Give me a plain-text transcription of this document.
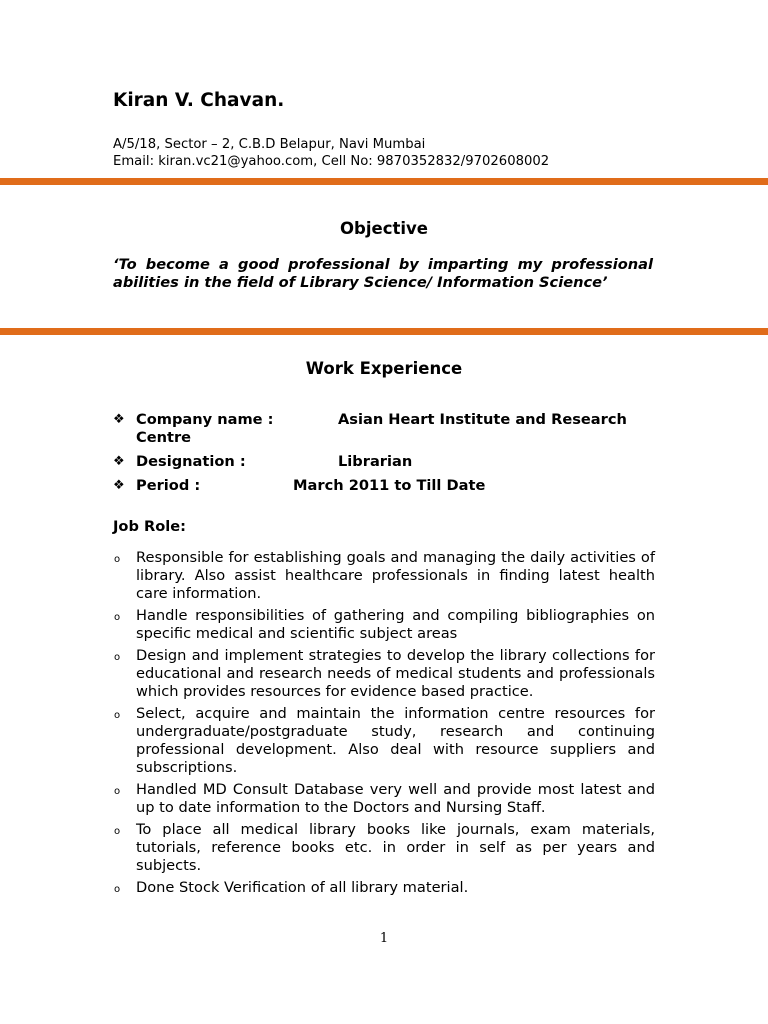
Kiran V. Chavan.
A/5/18, Sector – 2, C.B.D Belapur, Navi Mumbai
Email: kiran.vc21@yahoo.com, Cell No: 9870352832/9702608002
Objective

‘To become a good professional by imparting my professional abilities in the field of Library Science/ Information Science’

Work Experience
❖ Company name :	Asian Heart Institute and Research
Centre
❖ Designation :	Librarian
❖ Period :	March 2011 to Till Date
Job Role:
o Responsible for establishing goals and managing the daily activities of library. Also assist healthcare professionals in finding latest health care information.
o Handle responsibilities of gathering and compiling bibliographies on specific medical and scientific subject areas
o Design and implement strategies to develop the library collections for educational and research needs of medical students and professionals which provides resources for evidence based practice.
o Select, acquire and maintain the information centre resources for undergraduate/postgraduate study, research and continuing professional development. Also deal with resource suppliers and subscriptions.
o Handled MD Consult Database very well and provide most latest and up to date information to the Doctors and Nursing Staff.
o To place all medical library books like journals, exam materials, tutorials, reference books etc. in order in self as per years and subjects.
o Done Stock Verification of all library material.
1
